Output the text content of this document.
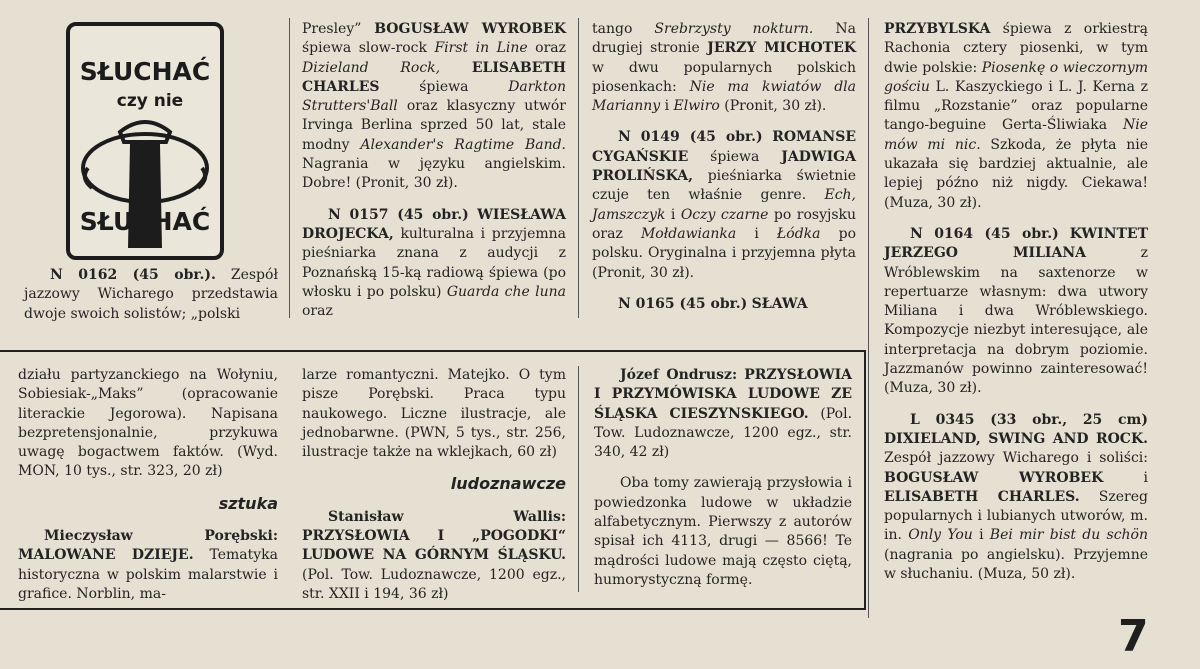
SŁUCHAĆ
czy nie
SŁUCHAĆ

N 0162 (45 obr.). Zespół jazzowy Wicharego przedstawia dwoje swoich solistów; „polski

Presley” BOGUSŁAW WYROBEK śpiewa slow-rock First in Line oraz Dizieland Rock, ELISABETH CHARLES	śpiewa	Darkton Strutters'Ball oraz klasyczny utwór Irvinga Berlina sprzed 50 lat, stale modny Alexander's Ragtime Band. Nagrania w języku angielskim. Dobre! (Pronit, 30 zł).

N 0157 (45 obr.) WIESŁAWA DROJECKA, kulturalna i przyjemna pieśniarka znana z audycji z Poznańską 15-ką radiową śpiewa (po włosku i po polsku) Guarda che luna oraz

tango Srebrzysty nokturn. Na drugiej stronie JERZY MICHOTEK w dwu popularnych polskich piosenkach: Nie ma kwiatów dla Marianny i Elwiro (Pronit, 30 zł).

N 0149 (45 obr.) ROMANSE CYGAŃSKIE śpiewa JADWIGA PROLIŃSKA, pieśniarka świetnie czuje ten właśnie genre. Ech, Jamszczyk i Oczy czarne po rosyjsku oraz Mołdawianka i Łódka po polsku. Oryginalna i przyjemna płyta (Pronit, 30 zł).

N 0165 (45 obr.) SŁAWA

PRZYBYLSKA śpiewa z orkiestrą Rachonia cztery piosenki, w tym dwie polskie: Piosenkę o wieczornym gościu L. Kaszyckiego i L. J. Kerna z filmu „Rozstanie” oraz popularne tango-beguine Gerta-Śliwiaka Nie mów mi nic. Szkoda, że płyta nie ukazała się bardziej aktualnie, ale lepiej późno niż nigdy. Ciekawa! (Muza, 30 zł).

N 0164 (45 obr.) KWINTET JERZEGO MILIANA	z Wróblewskim na saxtenorze w repertuarze własnym: dwa utwory Miliana i dwa Wróblewskiego. Kompozycje niezbyt interesujące, ale interpretacja na dobrym poziomie. Jazzmanów powinno zainteresować! (Muza, 30 zł).

L 0345 (33 obr., 25 cm) DIXIELAND, SWING AND ROCK. Zespół jazzowy Wicharego i soliści: BOGUSŁAW WYROBEK	i ELISABETH CHARLES. Szereg popularnych i lubianych utworów, m. in. Only You i Bei mir bist du schön (nagrania po angielsku). Przyjemne w słuchaniu. (Muza, 50 zł).

działu partyzanckiego na Wołyniu, Sobiesiak-„Maks” (opracowanie literackie Jegorowa). Napisana bezpretensjonalnie, przykuwa uwagę bogactwem faktów. (Wyd. MON, 10 tys., str. 323, 20 zł)

sztuka

Mieczysław Porębski: MALOWANE DZIEJE. Tematyka historyczna w polskim malarstwie i grafice. Norblin, ma-

larze romantyczni. Matejko. O tym pisze Porębski. Praca typu naukowego. Liczne ilustracje, ale jednobarwne. (PWN, 5 tys., str. 256, ilustracje także na wklejkach, 60 zł)

ludoznawcze

Stanisław Wallis: PRZYSŁOWIA I „POGODKI“ LUDOWE NA GÓRNYM ŚLĄSKU. (Pol. Tow. Ludoznawcze, 1200 egz., str. XXII i 194, 36 zł)

Józef Ondrusz: PRZYSŁOWIA I PRZYMÓWISKA LUDOWE ZE ŚLĄSKA CIESZYNSKIEGO. (Pol. Tow. Ludoznawcze, 1200 egz., str. 340, 42 zł)

Oba tomy zawierają przysłowia i powiedzonka ludowe w układzie alfabetycznym. Pierwszy z autorów spisał ich 4113, drugi — 8566! Te mądrości ludowe mają często ciętą, humorystyczną formę.

7
